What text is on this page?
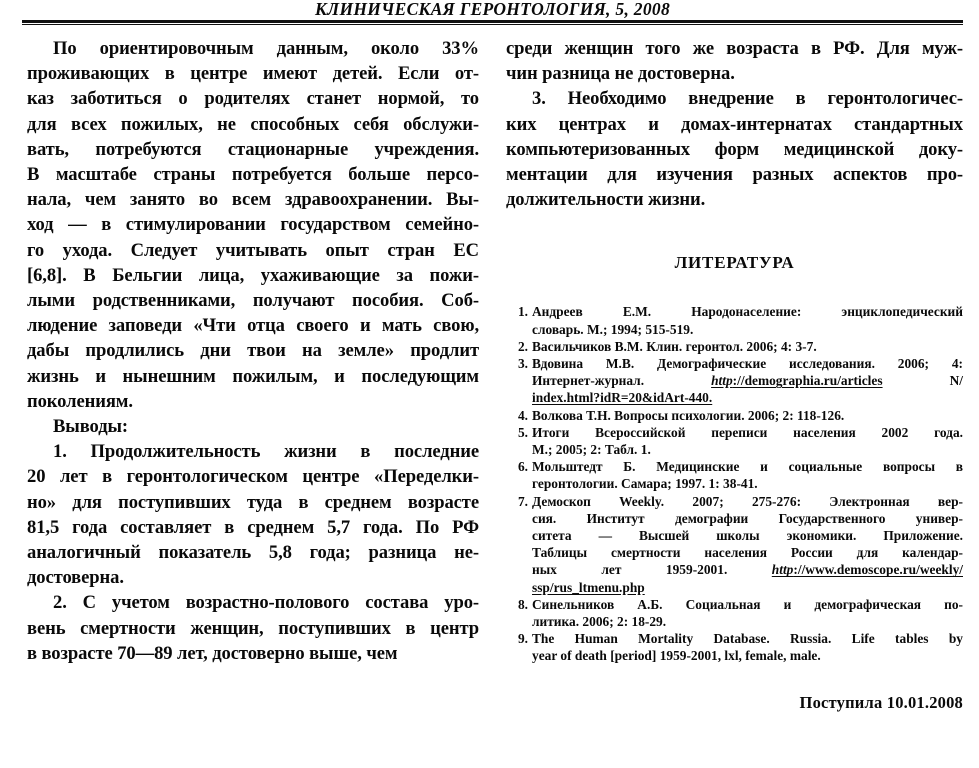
КЛИНИЧЕСКАЯ ГЕРОНТОЛОГИЯ, 5, 2008

По ориентировочным данным, около 33%
проживающих в центре имеют детей. Если от-
каз заботиться о родителях станет нормой, то
для всех пожилых, не способных себя обслужи-
вать, потребуются стационарные учреждения.
В масштабе страны потребуется больше персо-
нала, чем занято во всем здравоохранении. Вы-
ход — в стимулировании государством семейно-
го ухода. Следует учитывать опыт стран ЕС
[6,8]. В Бельгии лица, ухаживающие за пожи-
лыми родственниками, получают пособия. Соб-
людение заповеди «Чти отца своего и мать свою,
дабы продлились дни твои на земле» продлит
жизнь и нынешним пожилым, и последующим
поколениям.

Выводы:

1. Продолжительность жизни в последние
20 лет в геронтологическом центре «Переделки-
но» для поступивших туда в среднем возрасте
81,5 года составляет в среднем 5,7 года. По РФ
аналогичный показатель 5,8 года; разница не-
достоверна.

2. С учетом возрастно-полового состава уро-
вень смертности женщин, поступивших в центр
в возрасте 70—89 лет, достоверно выше, чем

среди женщин того же возраста в РФ. Для муж-
чин разница не достоверна.

3. Необходимо внедрение в геронтологичес-
ких центрах и домах-интернатах стандартных
компьютеризованных форм медицинской доку-
ментации для изучения разных аспектов про-
должительности жизни.

ЛИТЕРАТУРА
1. Андреев Е.М. Народонаселение: энциклопедический
словарь. М.; 1994; 515-519.
2. Васильчиков В.М. Клин. геронтол. 2006; 4: 3-7.
3. Вдовина М.В. Демографические исследования. 2006; 4:
Интернет-журнал. http://demographia.ru/articles N/
index.html?idR=20&idArt-440.
4. Волкова Т.Н. Вопросы психологии. 2006; 2: 118-126.
5. Итоги Всероссийской переписи населения 2002 года.
М.; 2005; 2: Табл. 1.
6. Мольштедт Б. Медицинские и социальные вопросы в
геронтологии. Самара; 1997. 1: 38-41.
7. Демоскоп Weekly. 2007; 275-276: Электронная вер-
сия. Институт демографии Государственного универ-
ситета — Высшей школы экономики. Приложение.
Таблицы смертности населения России для календар-
ных лет 1959-2001. http://www.demoscope.ru/weekly/
ssp/rus_ltmenu.php
8. Синельников А.Б. Социальная и демографическая по-
литика. 2006; 2: 18-29.
9. The Human Mortality Database. Russia. Life tables by
year of death [period] 1959-2001, lxl, female, male.

Поступила 10.01.2008
